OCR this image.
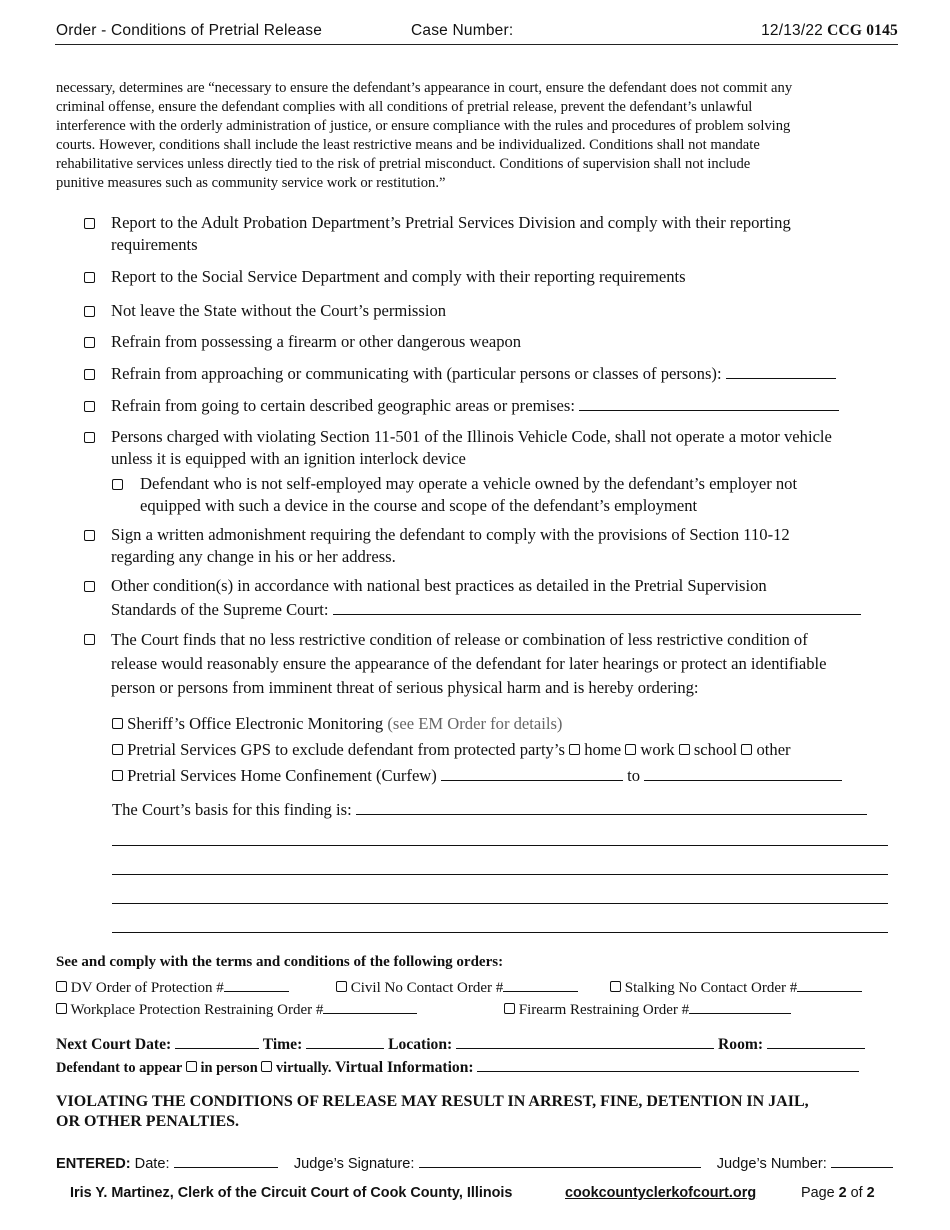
Order - Conditions of Pretrial Release	Case Number:	12/13/22 CCG 0145
necessary, determines are “necessary to ensure the defendant’s appearance in court, ensure the defendant does not commit any
criminal offense, ensure the defendant complies with all conditions of pretrial release, prevent the defendant’s unlawful
interference with the orderly administration of justice, or ensure compliance with the rules and procedures of problem solving
courts. However, conditions shall include the least restrictive means and be individualized. Conditions shall not mandate
rehabilitative services unless directly tied to the risk of pretrial misconduct. Conditions of supervision shall not include
punitive measures such as community service work or restitution.”
Report to the Adult Probation Department’s Pretrial Services Division and comply with their reporting
requirements
Report to the Social Service Department and comply with their reporting requirements
Not leave the State without the Court’s permission
Refrain from possessing a firearm or other dangerous weapon
Refrain from approaching or communicating with (particular persons or classes of persons):
Refrain from going to certain described geographic areas or premises:
Persons charged with violating Section 11-501 of the Illinois Vehicle Code, shall not operate a motor vehicle
unless it is equipped with an ignition interlock device
Defendant who is not self-employed may operate a vehicle owned by the defendant’s employer not
equipped with such a device in the course and scope of the defendant’s employment
Sign a written admonishment requiring the defendant to comply with the provisions of Section 110-12
regarding any change in his or her address.
Other condition(s) in accordance with national best practices as detailed in the Pretrial Supervision
Standards of the Supreme Court:
The Court finds that no less restrictive condition of release or combination of less restrictive condition of
release would reasonably ensure the appearance of the defendant for later hearings or protect an identifiable
person or persons from imminent threat of serious physical harm and is hereby ordering:
Sheriff’s Office Electronic Monitoring (see EM Order for details)
Pretrial Services GPS to exclude defendant from protected party’s home work school other
Pretrial Services Home Confinement (Curfew)	to
The Court’s basis for this finding is:
See and comply with the terms and conditions of the following orders:
DV Order of Protection #	Civil No Contact Order #	Stalking No Contact Order #
Workplace Protection Restraining Order #	Firearm Restraining Order #
Next Court Date:	Time:	Location:	Room:
Defendant to appear in person virtually. Virtual Information:
VIOLATING THE CONDITIONS OF RELEASE MAY RESULT IN ARREST, FINE, DETENTION IN JAIL,
OR OTHER PENALTIES.
ENTERED: Date:	Judge’s Signature:	Judge’s Number:
Iris Y. Martinez, Clerk of the Circuit Court of Cook County, Illinois	cookcountyclerkofcourt.org	Page 2 of 2
